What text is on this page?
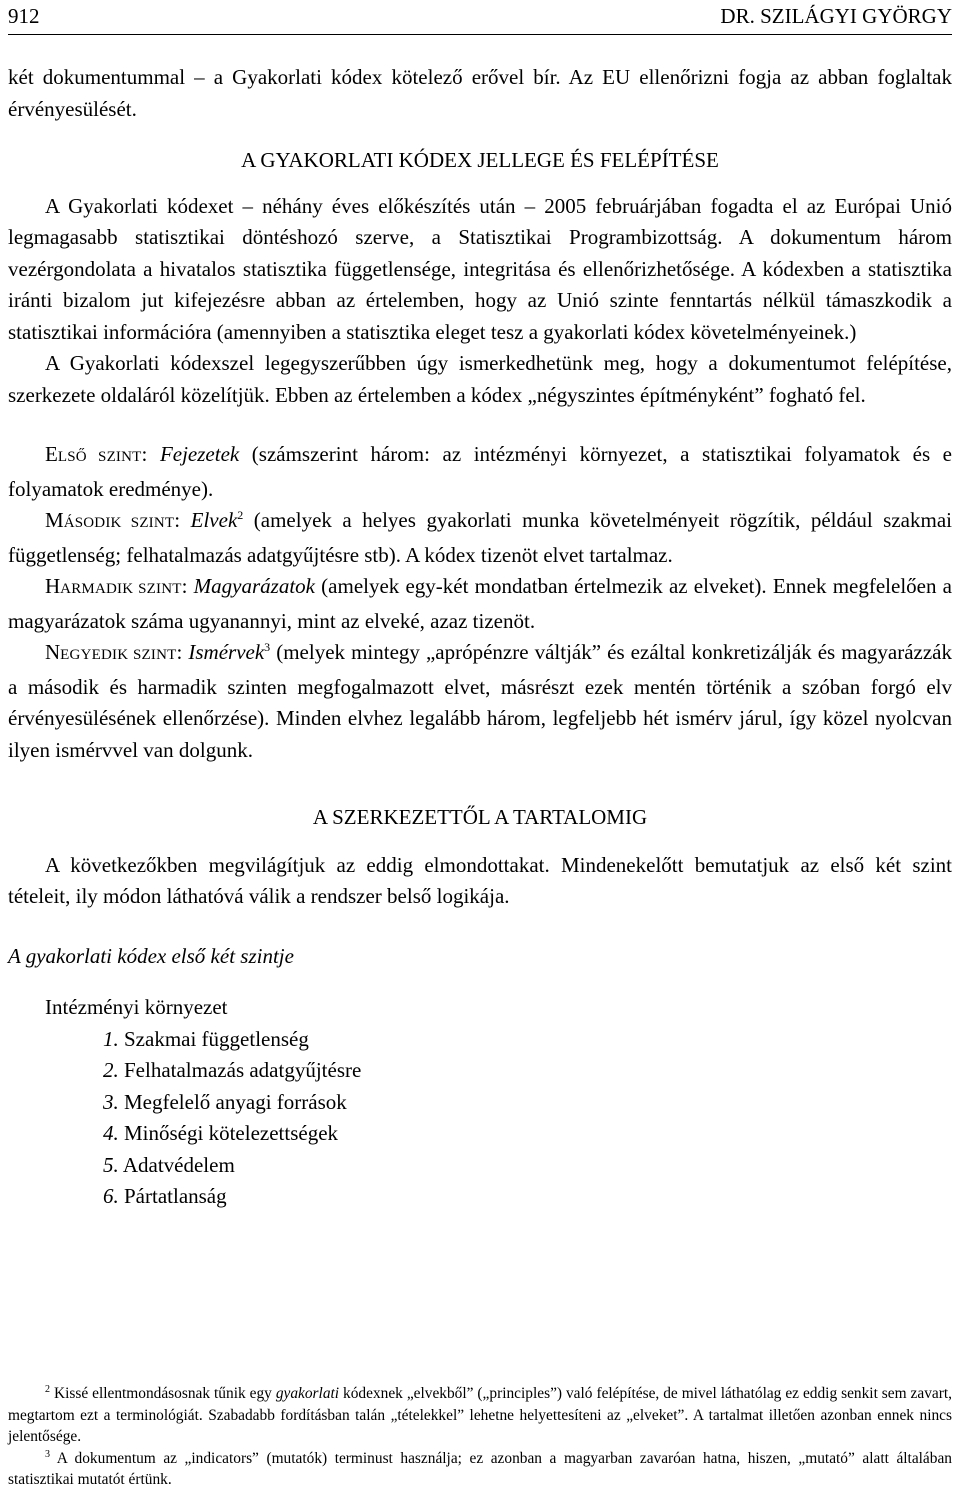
912	DR. SZILÁGYI GYÖRGY

két dokumentummal – a Gyakorlati kódex kötelező erővel bír. Az EU ellenőrizni fogja az abban foglaltak érvényesülését.

A GYAKORLATI KÓDEX JELLEGE ÉS FELÉPÍTÉSE

A Gyakorlati kódexet – néhány éves előkészítés után – 2005 februárjában fogadta el az Európai Unió legmagasabb statisztikai döntéshozó szerve, a Statisztikai Programbizottság. A dokumentum három vezérgondolata a hivatalos statisztika függetlensége, integritása és ellenőrizhetősége. A kódexben a statisztika iránti bizalom jut kifejezésre abban az értelemben, hogy az Unió szinte fenntartás nélkül támaszkodik a statisztikai információra (amennyiben a statisztika eleget tesz a gyakorlati kódex követelményeinek.)

A Gyakorlati kódexszel legegyszerűbben úgy ismerkedhetünk meg, hogy a dokumentumot felépítése, szerkezete oldaláról közelítjük. Ebben az értelemben a kódex „négyszintes építményként” fogható fel.

ELSŐ SZINT: Fejezetek (számszerint három: az intézményi környezet, a statisztikai folyamatok és e folyamatok eredménye).

MÁSODIK SZINT: Elvek$^2$ (amelyek a helyes gyakorlati munka követelményeit rögzítik, például szakmai függetlenség; felhatalmazás adatgyűjtésre stb). A kódex tizenöt elvet tartalmaz.

HARMADIK SZINT: Magyarázatok (amelyek egy-két mondatban értelmezik az elveket). Ennek megfelelően a magyarázatok száma ugyanannyi, mint az elveké, azaz tizenöt.

NEGYEDIK SZINT: Ismérvek$^3$ (melyek mintegy „aprópénzre váltják” és ezáltal konkretizálják és magyarázzák a második és harmadik szinten megfogalmazott elvet, másrészt ezek mentén történik a szóban forgó elv érvényesülésének ellenőrzése). Minden elvhez legalább három, legfeljebb hét ismérv járul, így közel nyolcvan ilyen ismérvvel van dolgunk.

A SZERKEZETTŐL A TARTALOMIG

A következőkben megvilágítjuk az eddig elmondottakat. Mindenekelőtt bemutatjuk az első két szint tételeit, ily módon láthatóvá válik a rendszer belső logikája.

A gyakorlati kódex első két szintje

Intézményi környezet
1. Szakmai függetlenség
2. Felhatalmazás adatgyűjtésre
3. Megfelelő anyagi források
4. Minőségi kötelezettségek
5. Adatvédelem
6. Pártatlanság

$^2$ Kissé ellentmondásosnak tűnik egy gyakorlati kódexnek „elvekből” („principles”) való felépítése, de mivel láthatólag ez eddig senkit sem zavart, megtartom ezt a terminológiát. Szabadabb fordításban talán „tételekkel” lehetne helyettesíteni az „elveket”. A tartalmat illetően azonban ennek nincs jelentősége.

$^3$ A dokumentum az „indicators” (mutatók) terminust használja; ez azonban a magyarban zavaróan hatna, hiszen, „mutató” alatt általában statisztikai mutatót értünk.
